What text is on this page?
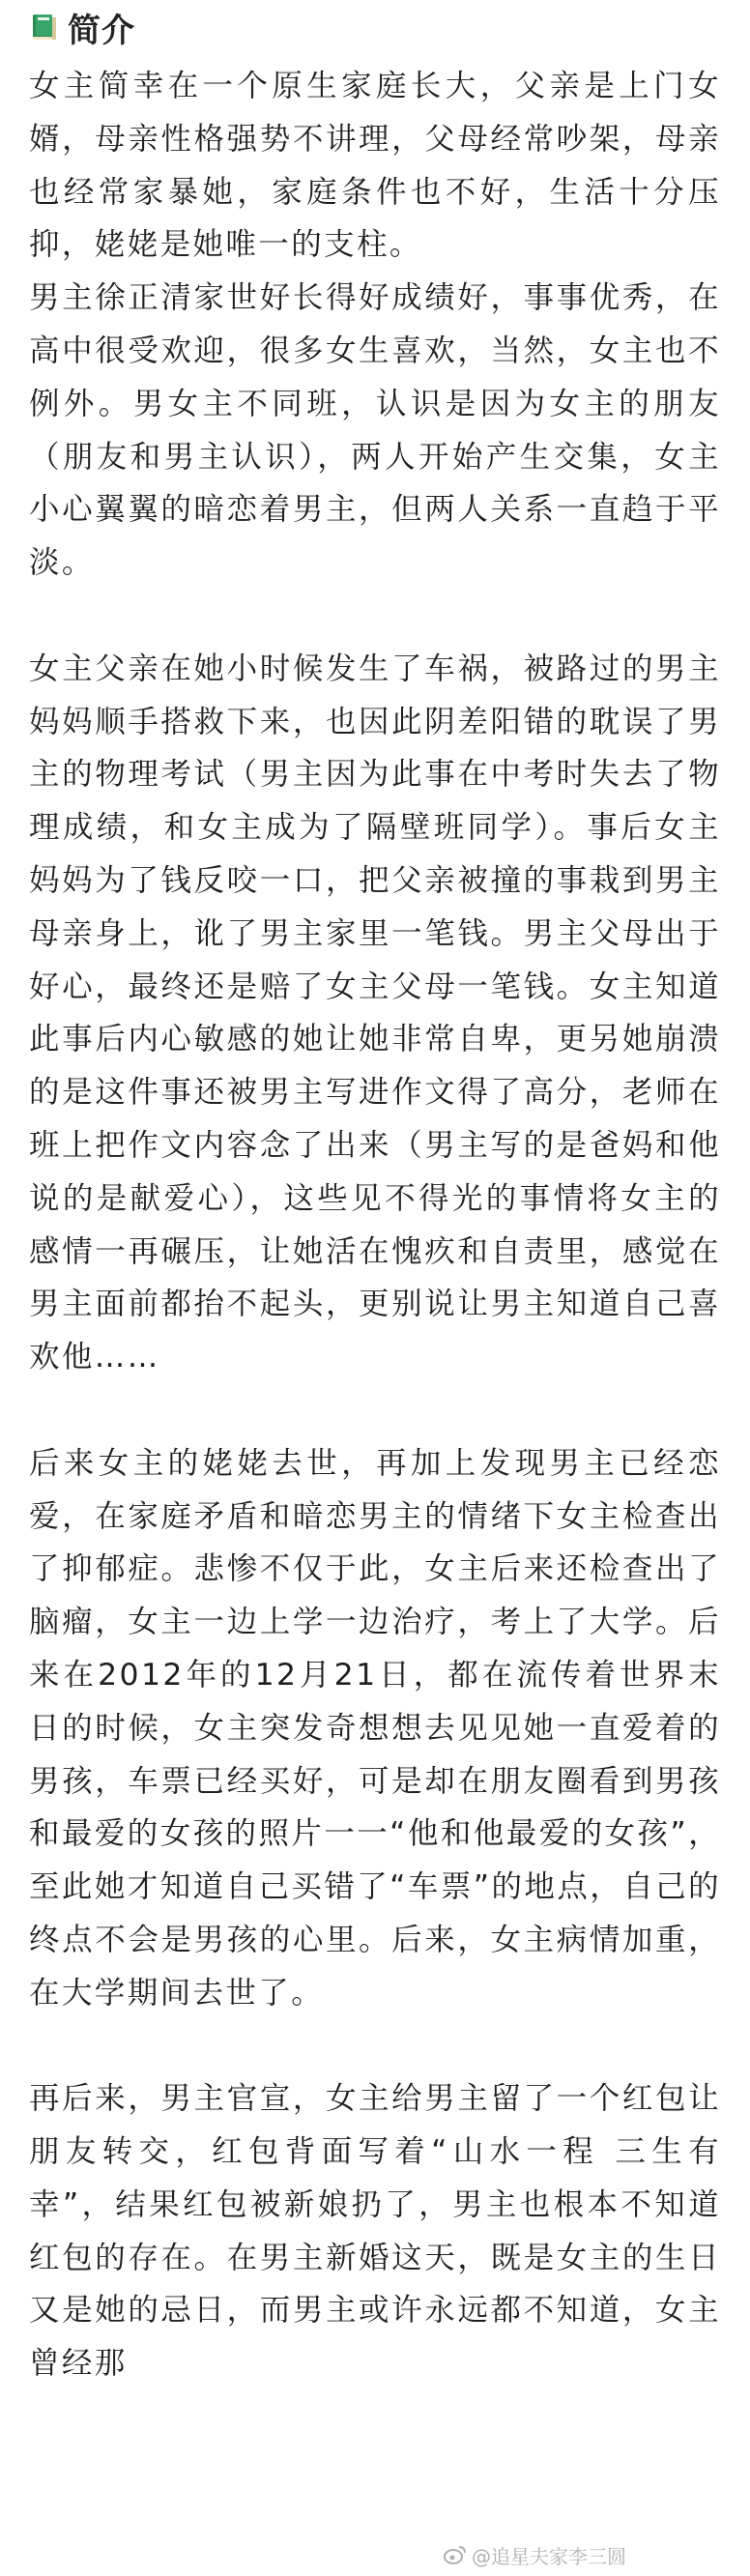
简介

女主简幸在一个原生家庭长大，父亲是上门女婿，母亲性格强势不讲理，父母经常吵架，母亲也经常家暴她，家庭条件也不好，生活十分压抑，姥姥是她唯一的支柱。

男主徐正清家世好长得好成绩好，事事优秀，在高中很受欢迎，很多女生喜欢，当然，女主也不例外。男女主不同班，认识是因为女主的朋友（朋友和男主认识），两人开始产生交集，女主小心翼翼的暗恋着男主，但两人关系一直趋于平淡。

女主父亲在她小时候发生了车祸，被路过的男主妈妈顺手搭救下来，也因此阴差阳错的耽误了男主的物理考试（男主因为此事在中考时失去了物理成绩，和女主成为了隔壁班同学）。事后女主妈妈为了钱反咬一口，把父亲被撞的事栽到男主母亲身上，讹了男主家里一笔钱。男主父母出于好心，最终还是赔了女主父母一笔钱。女主知道此事后内心敏感的她让她非常自卑，更另她崩溃的是这件事还被男主写进作文得了高分，老师在班上把作文内容念了出来（男主写的是爸妈和他说的是献爱心），这些见不得光的事情将女主的感情一再碾压，让她活在愧疚和自责里，感觉在男主面前都抬不起头，更别说让男主知道自己喜欢他……

后来女主的姥姥去世，再加上发现男主已经恋爱，在家庭矛盾和暗恋男主的情绪下女主检查出了抑郁症。悲惨不仅于此，女主后来还检查出了脑瘤，女主一边上学一边治疗，考上了大学。后来在2012年的12月21日，都在流传着世界末日的时候，女主突发奇想想去见见她一直爱着的男孩，车票已经买好，可是却在朋友圈看到男孩和最爱的女孩的照片一一“他和他最爱的女孩”，至此她才知道自己买错了“车票”的地点，自己的终点不会是男孩的心里。后来，女主病情加重，在大学期间去世了。

再后来，男主官宣，女主给男主留了一个红包让朋友转交，红包背面写着“山水一程 三生有幸”，结果红包被新娘扔了，男主也根本不知道红包的存在。在男主新婚这天，既是女主的生日又是她的忌日，而男主或许永远都不知道，女主曾经那

@追星夫家李三圆
